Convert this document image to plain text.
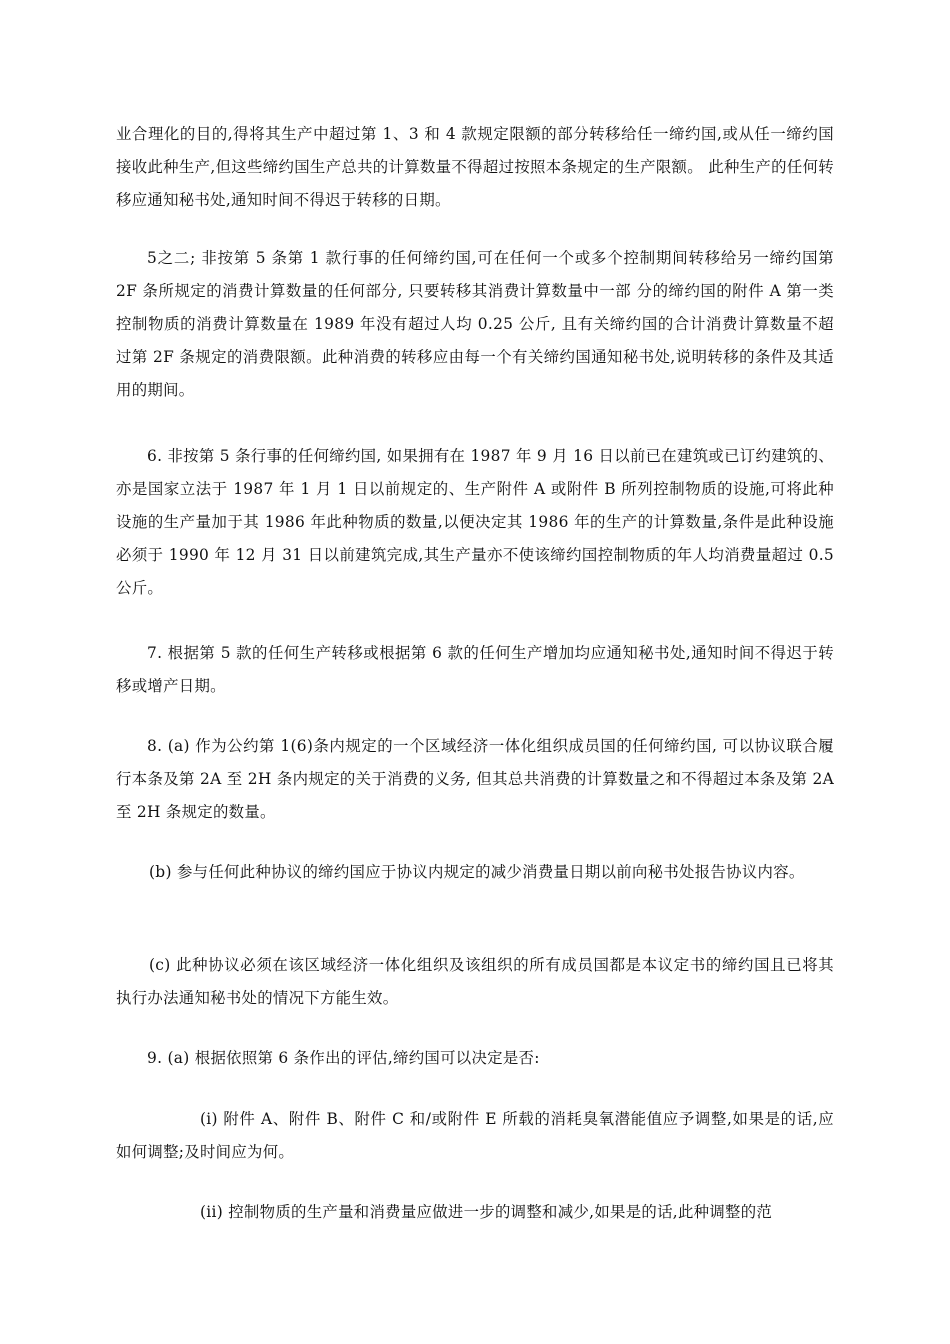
业合理化的目的,得将其生产中超过第 1、3 和 4 款规定限额的部分转移给任一缔约国,或从任一缔约国接收此种生产,但这些缔约国生产总共的计算数量不得超过按照本条规定的生产限额。 此种生产的任何转移应通知秘书处,通知时间不得迟于转移的日期。

5之二; 非按第 5 条第 1 款行事的任何缔约国,可在任何一个或多个控制期间转移给另一缔约国第 2F 条所规定的消费计算数量的任何部分, 只要转移其消费计算数量中一部 分的缔约国的附件 A 第一类控制物质的消费计算数量在 1989 年没有超过人均 0.25 公斤, 且有关缔约国的合计消费计算数量不超过第 2F 条规定的消费限额。此种消费的转移应由每一个有关缔约国通知秘书处,说明转移的条件及其适用的期间。

6. 非按第 5 条行事的任何缔约国, 如果拥有在 1987 年 9 月 16 日以前已在建筑或已订约建筑的、亦是国家立法于 1987 年 1 月 1 日以前规定的、生产附件 A 或附件 B 所列控制物质的设施,可将此种设施的生产量加于其 1986 年此种物质的数量,以便决定其 1986 年的生产的计算数量,条件是此种设施必须于 1990 年 12 月 31 日以前建筑完成,其生产量亦不使该缔约国控制物质的年人均消费量超过 0.5 公斤。

7. 根据第 5 款的任何生产转移或根据第 6 款的任何生产增加均应通知秘书处,通知时间不得迟于转移或增产日期。

8. (a) 作为公约第 1(6)条内规定的一个区域经济一体化组织成员国的任何缔约国, 可以协议联合履行本条及第 2A 至 2H 条内规定的关于消费的义务, 但其总共消费的计算数量之和不得超过本条及第 2A 至 2H 条规定的数量。

(b) 参与任何此种协议的缔约国应于协议内规定的减少消费量日期以前向秘书处报告协议内容。

(c) 此种协议必须在该区域经济一体化组织及该组织的所有成员国都是本议定书的缔约国且已将其执行办法通知秘书处的情况下方能生效。

9. (a) 根据依照第 6 条作出的评估,缔约国可以决定是否:

(i) 附件 A、附件 B、附件 C 和/或附件 E 所载的消耗臭氧潜能值应予调整,如果是的话,应如何调整;及时间应为何。

(ii) 控制物质的生产量和消费量应做进一步的调整和减少,如果是的话,此种调整的范
